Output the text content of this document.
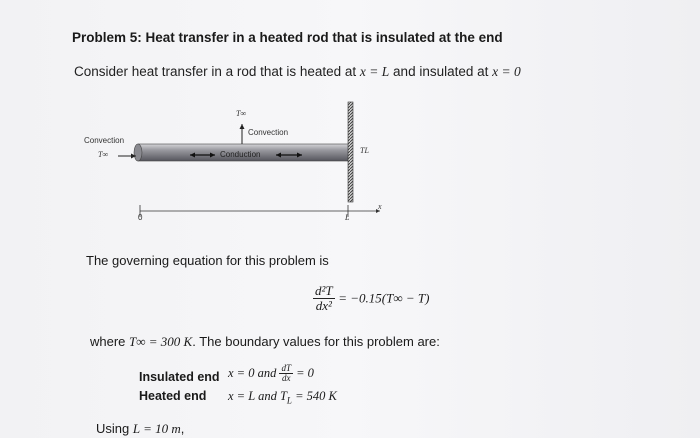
Problem 5: Heat transfer in a heated rod that is insulated at the end
Consider heat transfer in a rod that is heated at x = L and insulated at x = 0
Convection
T∞
T∞
Convection
Conduction	TL
0	L
x
The governing equation for this problem is
$\frac{\text{d²T}}{\text{dx²}} = -0.15(T\infty - T)$
where T∞ = 300 K. The boundary values for this problem are:
Insulated end x = 0 and $\frac{dT}{dx} = 0$
Heated end x = L and $T_L = 540$ K
Using L = 10 m,
